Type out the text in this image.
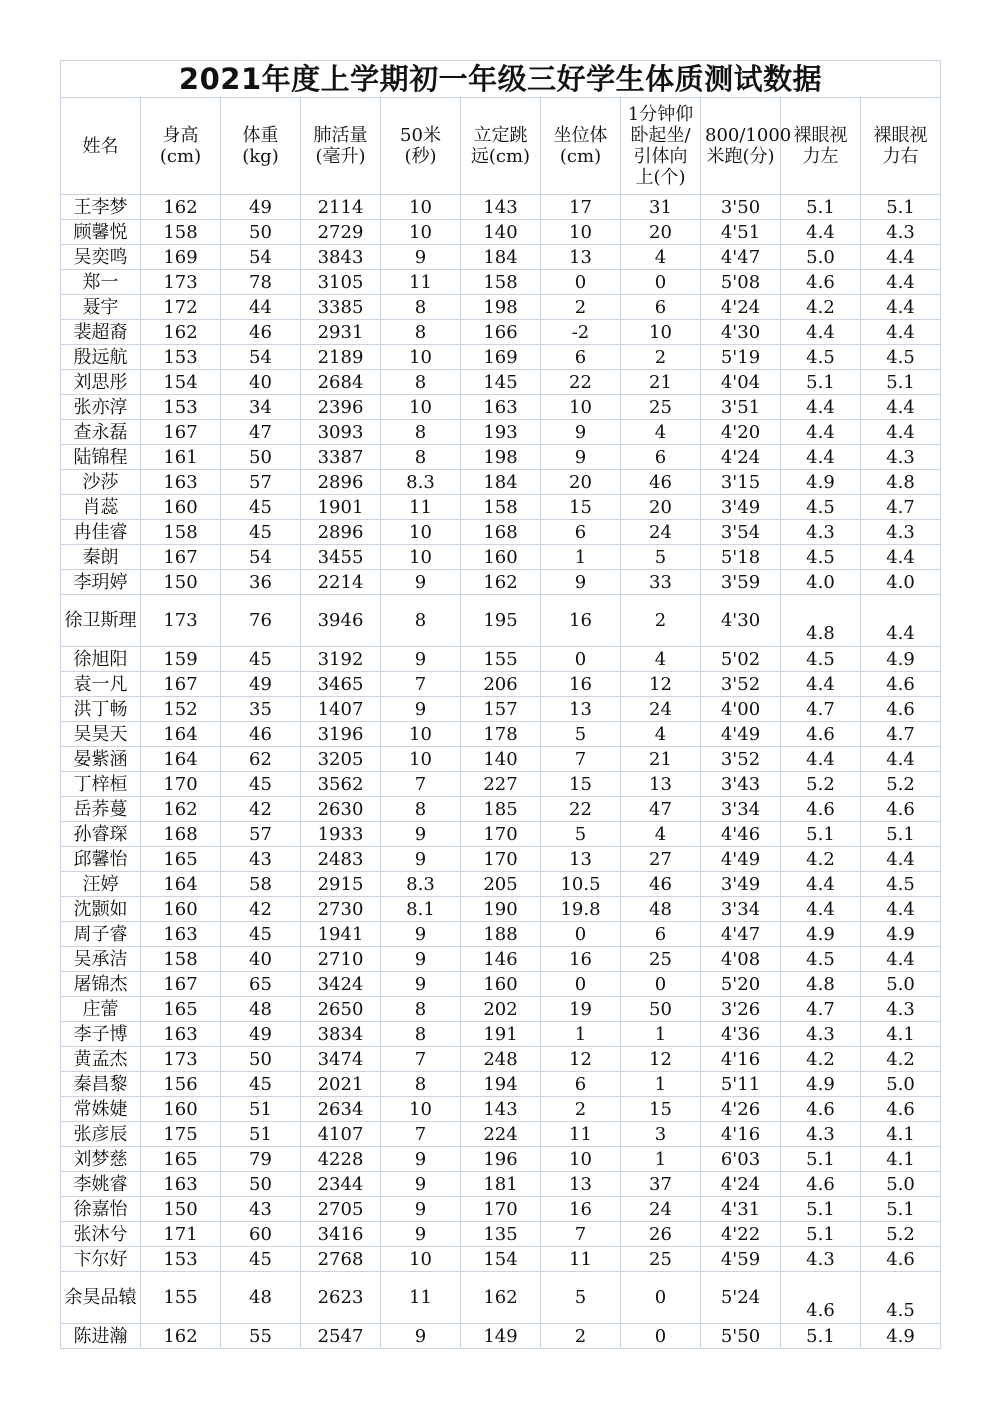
2021年度上学期初一年级三好学生体质测试数据										
姓名	身高(cm)	体重(kg)	肺活量(毫升)	50米(秒)	立定跳远(cm)	坐位体(cm)	1分钟仰卧起坐/引体向上(个)	800/1000米跑(分)	裸眼视力左	裸眼视力右
王李梦	162	49	2114	10	143	17	31	3'50	5.1	5.1
顾馨悦	158	50	2729	10	140	10	20	4'51	4.4	4.3
吴奕鸣	169	54	3843	9	184	13	4	4'47	5.0	4.4
郑一	173	78	3105	11	158	0	0	5'08	4.6	4.4
聂宇	172	44	3385	8	198	2	6	4'24	4.2	4.4
裴超裔	162	46	2931	8	166	-2	10	4'30	4.4	4.4
殷远航	153	54	2189	10	169	6	2	5'19	4.5	4.5
刘思彤	154	40	2684	8	145	22	21	4'04	5.1	5.1
张亦淳	153	34	2396	10	163	10	25	3'51	4.4	4.4
查永磊	167	47	3093	8	193	9	4	4'20	4.4	4.4
陆锦程	161	50	3387	8	198	9	6	4'24	4.4	4.3
沙莎	163	57	2896	8.3	184	20	46	3'15	4.9	4.8
肖蕊	160	45	1901	11	158	15	20	3'49	4.5	4.7
冉佳睿	158	45	2896	10	168	6	24	3'54	4.3	4.3
秦朗	167	54	3455	10	160	1	5	5'18	4.5	4.4
李玥婷	150	36	2214	9	162	9	33	3'59	4.0	4.0
徐卫斯理	173	76	3946	8	195	16	2	4'30	4.8	4.4
徐旭阳	159	45	3192	9	155	0	4	5'02	4.5	4.9
袁一凡	167	49	3465	7	206	16	12	3'52	4.4	4.6
洪丁畅	152	35	1407	9	157	13	24	4'00	4.7	4.6
吴昊天	164	46	3196	10	178	5	4	4'49	4.6	4.7
晏紫涵	164	62	3205	10	140	7	21	3'52	4.4	4.4
丁梓桓	170	45	3562	7	227	15	13	3'43	5.2	5.2
岳荞蔓	162	42	2630	8	185	22	47	3'34	4.6	4.6
孙睿琛	168	57	1933	9	170	5	4	4'46	5.1	5.1
邱馨怡	165	43	2483	9	170	13	27	4'49	4.2	4.4
汪婷	164	58	2915	8.3	205	10.5	46	3'49	4.4	4.5
沈颢如	160	42	2730	8.1	190	19.8	48	3'34	4.4	4.4
周子睿	163	45	1941	9	188	0	6	4'47	4.9	4.9
吴承洁	158	40	2710	9	146	16	25	4'08	4.5	4.4
屠锦杰	167	65	3424	9	160	0	0	5'20	4.8	5.0
庄蕾	165	48	2650	8	202	19	50	3'26	4.7	4.3
李子博	163	49	3834	8	191	1	1	4'36	4.3	4.1
黄孟杰	173	50	3474	7	248	12	12	4'16	4.2	4.2
秦昌黎	156	45	2021	8	194	6	1	5'11	4.9	5.0
常姝婕	160	51	2634	10	143	2	15	4'26	4.6	4.6
张彦辰	175	51	4107	7	224	11	3	4'16	4.3	4.1
刘梦慈	165	79	4228	9	196	10	1	6'03	5.1	4.1
李姚睿	163	50	2344	9	181	13	37	4'24	4.6	5.0
徐嘉怡	150	43	2705	9	170	16	24	4'31	5.1	5.1
张沐兮	171	60	3416	9	135	7	26	4'22	5.1	5.2
卞尔好	153	45	2768	10	154	11	25	4'59	4.3	4.6
余昊品辕	155	48	2623	11	162	5	0	5'24	4.6	4.5
陈进瀚	162	55	2547	9	149	2	0	5'50	5.1	4.9
